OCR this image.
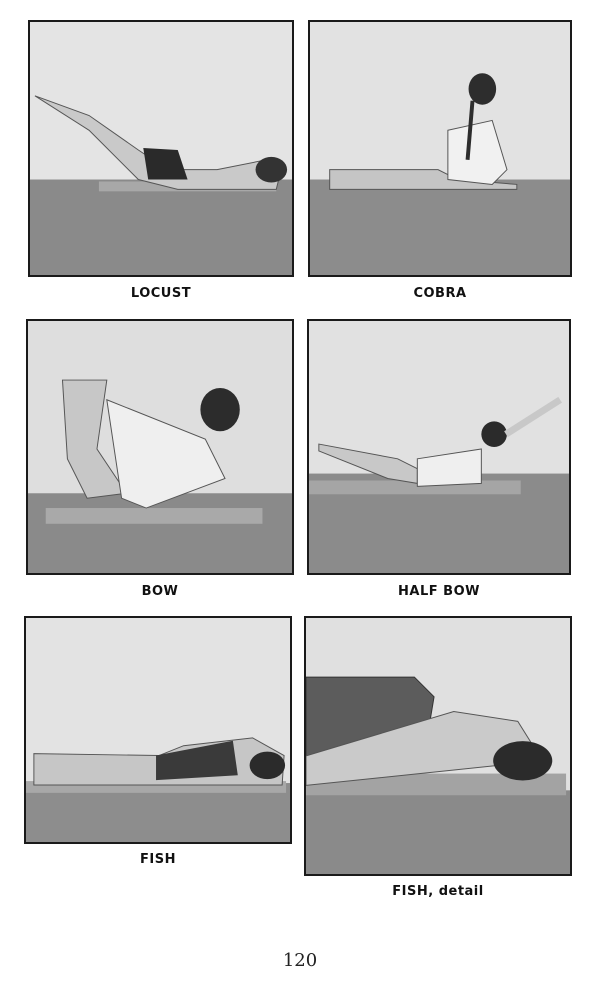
LOCUST	COBRA
BOW	HALF BOW
FISH
FISH, detail
120
